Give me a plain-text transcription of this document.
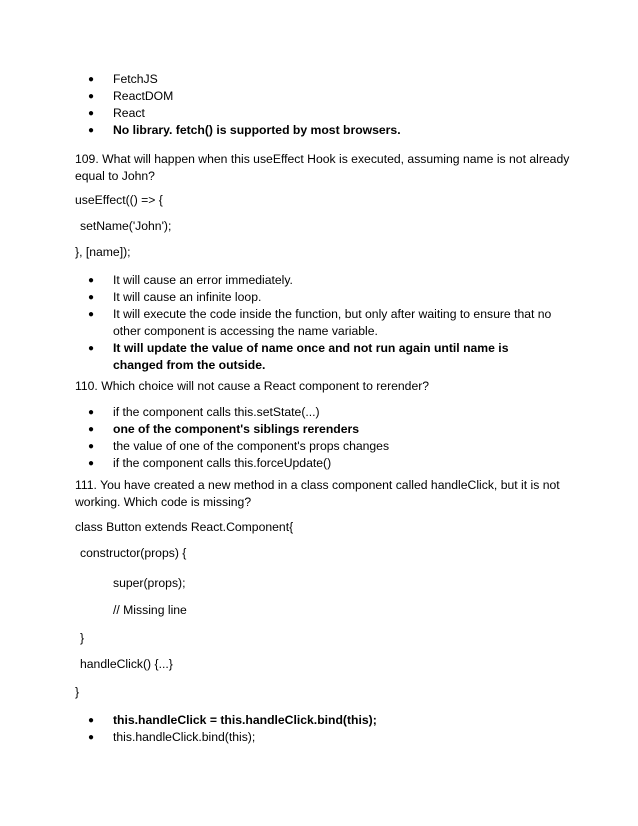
● FetchJS
● ReactDOM
● React
● No library. fetch() is supported by most browsers.

109. What will happen when this useEffect Hook is executed, assuming name is not already equal to John?

useEffect(() => {
setName('John');
}, [name]);
● It will cause an error immediately.
● It will cause an infinite loop.
● It will execute the code inside the function, but only after waiting to ensure that no other component is accessing the name variable.
● It will update the value of name once and not run again until name is changed from the outside.

110. Which choice will not cause a React component to rerender?

● if the component calls this.setState(...)
● one of the component's siblings rerenders
● the value of one of the component's props changes
● if the component calls this.forceUpdate()

111. You have created a new method in a class component called handleClick, but it is not working. Which code is missing?

class Button extends React.Component{
constructor(props) {
super(props);
// Missing line
}
handleClick() {...}
}
● this.handleClick = this.handleClick.bind(this);
● this.handleClick.bind(this);
